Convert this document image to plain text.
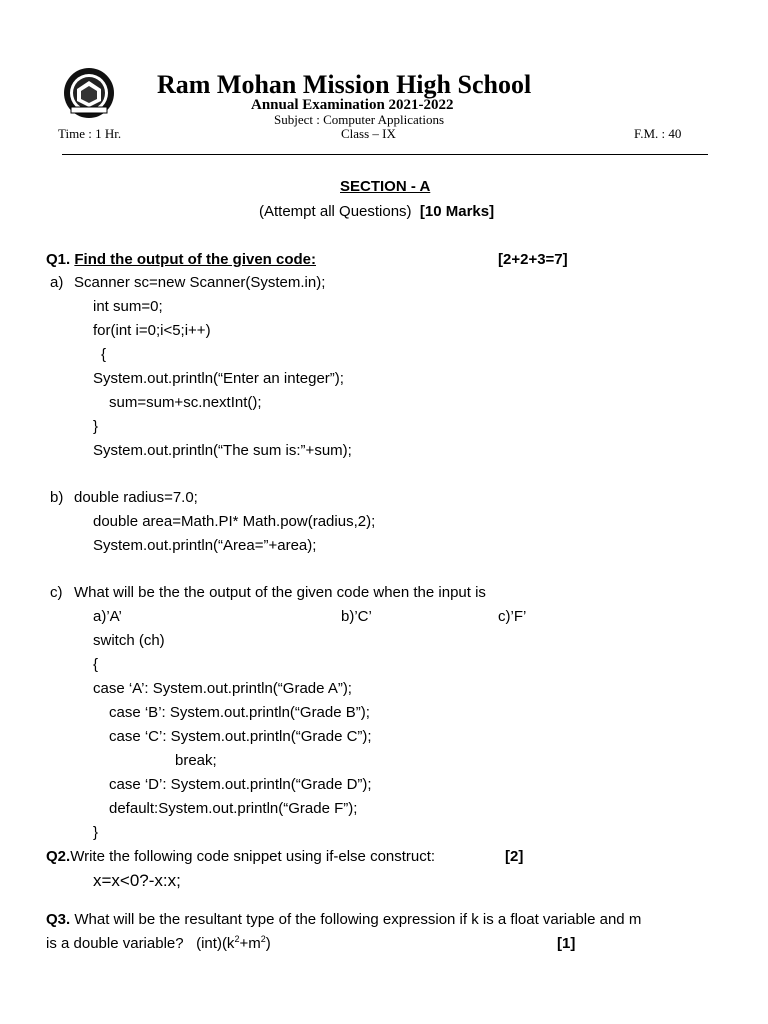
Ram Mohan Mission High School
Annual Examination 2021-2022
Subject : Computer Applications
Time : 1 Hr.	Class – IX	F.M. : 40
SECTION - A
(Attempt all Questions) [10 Marks]
Q1. Find the output of the given code:	[2+2+3=7]
a) Scanner sc=new Scanner(System.in);
int sum=0;
for(int i=0;i<5;i++)
{
System.out.println(“Enter an integer”);
sum=sum+sc.nextInt();
}
System.out.println(“The sum is:”+sum);
b) double radius=7.0;
double area=Math.PI* Math.pow(radius,2);
System.out.println(“Area=”+area);
c) What will be the the output of the given code when the input is
a)’A’	b)’C’	c)’F’
switch (ch)
{
case ‘A’: System.out.println(“Grade A”);
case ‘B’: System.out.println(“Grade B”);
case ‘C’: System.out.println(“Grade C”);
break;
case ‘D’: System.out.println(“Grade D”);
default:System.out.println(“Grade F”);
}
Q2.Write the following code snippet using if-else construct:	[2]
x=x<0?-x:x;
Q3. What will be the resultant type of the following expression if k is a float variable and m
is a double variable? $(int)(k^2+m^2)$	[1]
